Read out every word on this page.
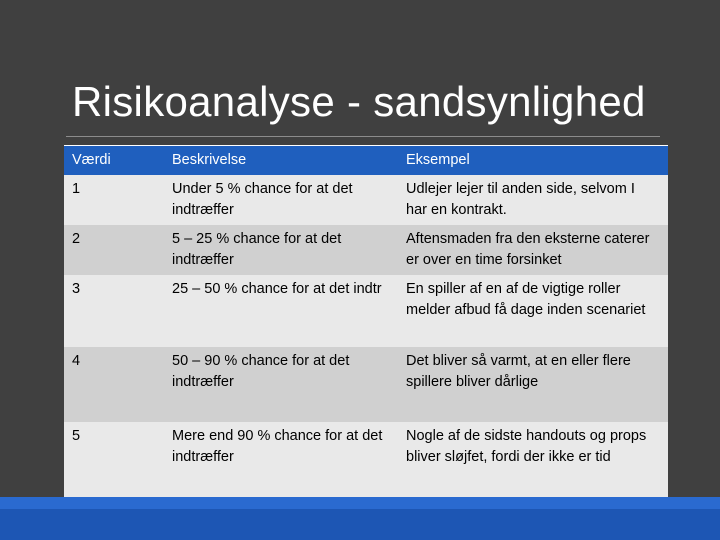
Risikoanalyse - sandsynlighed
Værdi	Beskrivelse	Eksempel

1	Under 5 % chance for at det indtræffer	Udlejer lejer til anden side, selvom I har en kontrakt.

2	5 – 25 % chance for at det indtræffer	Aftensmaden fra den eksterne caterer er over en time forsinket

3	25 – 50 % chance for at det indtr	En spiller af en af de vigtige roller melder afbud få dage inden scenariet

4	50 – 90 % chance for at det indtræffer	Det bliver så varmt, at en eller flere spillere bliver dårlige

5	Mere end 90 % chance for at det indtræffer	Nogle af de sidste handouts og props bliver sløjfet, fordi der ikke er tid
